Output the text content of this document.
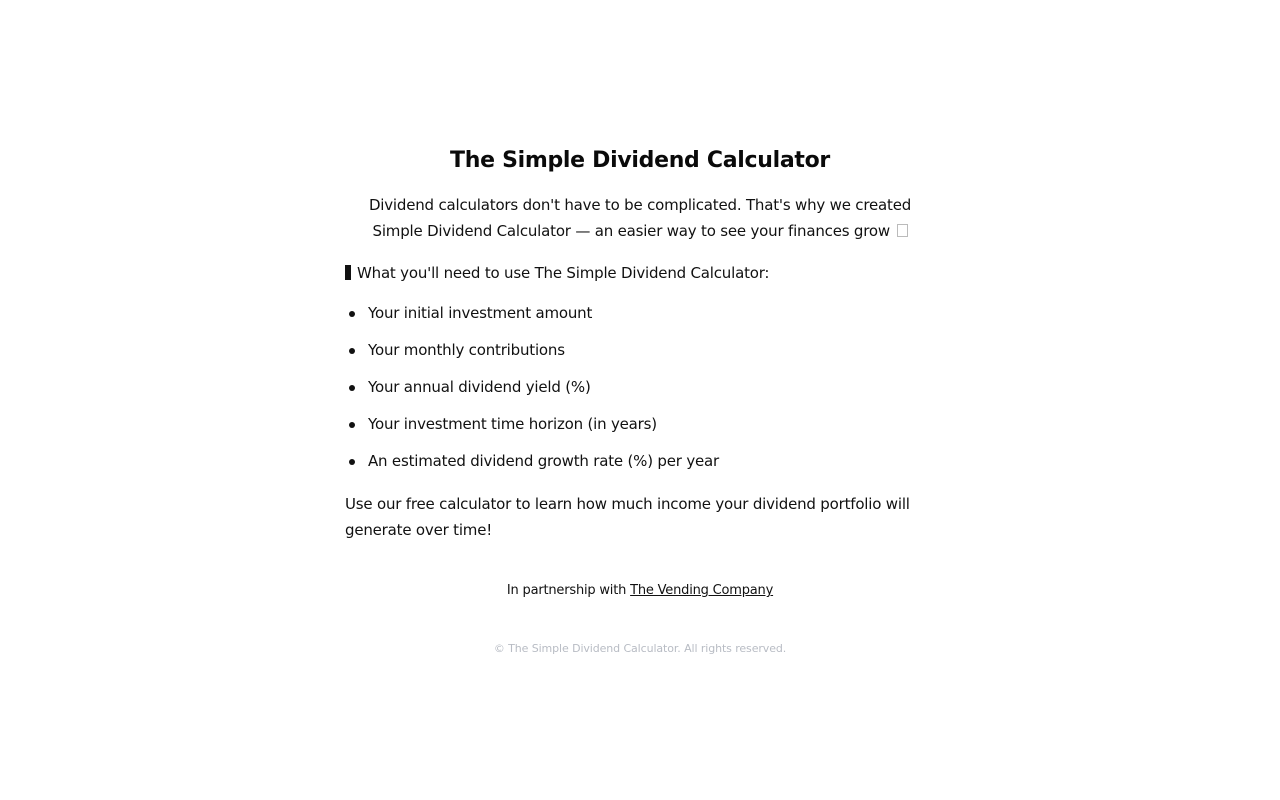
The Simple Dividend Calculator

Dividend calculators don't have to be complicated. That's why we created Simple Dividend Calculator — an easier way to see your finances grow

What you'll need to use The Simple Dividend Calculator:

Your initial investment amount
Your monthly contributions
Your annual dividend yield (%)
Your investment time horizon (in years)
An estimated dividend growth rate (%) per year

Use our free calculator to learn how much income your dividend portfolio will generate over time!

In partnership with The Vending Company
© The Simple Dividend Calculator. All rights reserved.
